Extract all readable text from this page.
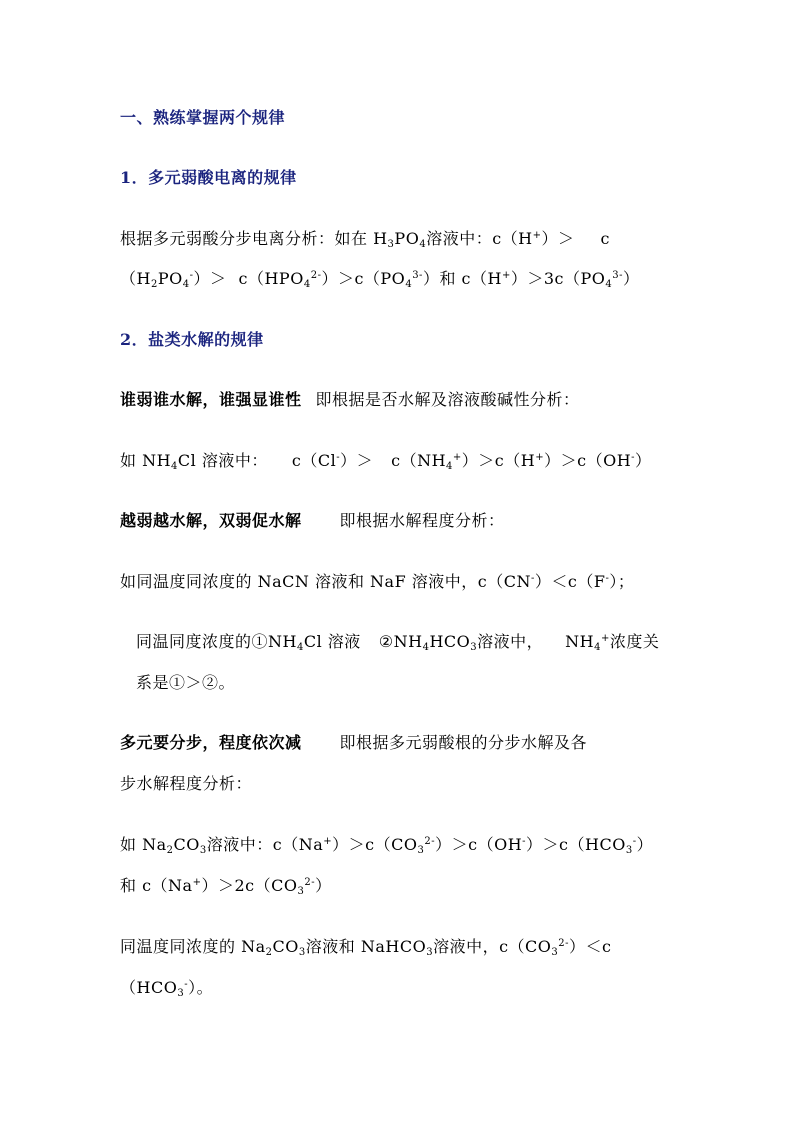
一、熟练掌握两个规律
1．多元弱酸电离的规律
根据多元弱酸分步电离分析：如在 $H_3PO_4$溶液中：c（H+）＞ c
$(H_2PO_4^-)> c(HPO_4^{2-})>c(PO_4^{3-})$和 $c(H^+)>3c(PO_4^{3-})$
2．盐类水解的规律
谁弱谁水解，谁强显谁性 即根据是否水解及溶液酸碱性分析：
如 $NH_4Cl$ 溶液中： $c(Cl^-)> c(NH_4^+)>c(H^+)>c(OH^-)$
越弱越水解，双弱促水解 即根据水解程度分析：
如同温度同浓度的 NaCN 溶液和 NaF 溶液中，c（CN-）＜c（F-）；
同温同度浓度的$①NH_4Cl$ 溶液 $②NH_4HCO_3$溶液中， $NH_4^+$浓度关
系是①＞②。
多元要分步，程度依次减 即根据多元弱酸根的分步水解及各
步水解程度分析：
如 $Na_2CO_3$溶液中：$c(Na^+)>c(CO_3^{2-})>c(OH^-)>c(HCO_3^-)$
和 $c(Na^+)>2c(CO_3^{2-})$
同温度同浓度的 $Na_2CO_3$溶液和 NaHCO$_3$溶液中，$c(CO_3^{2-})<c$
$(HCO_3^-)$。
